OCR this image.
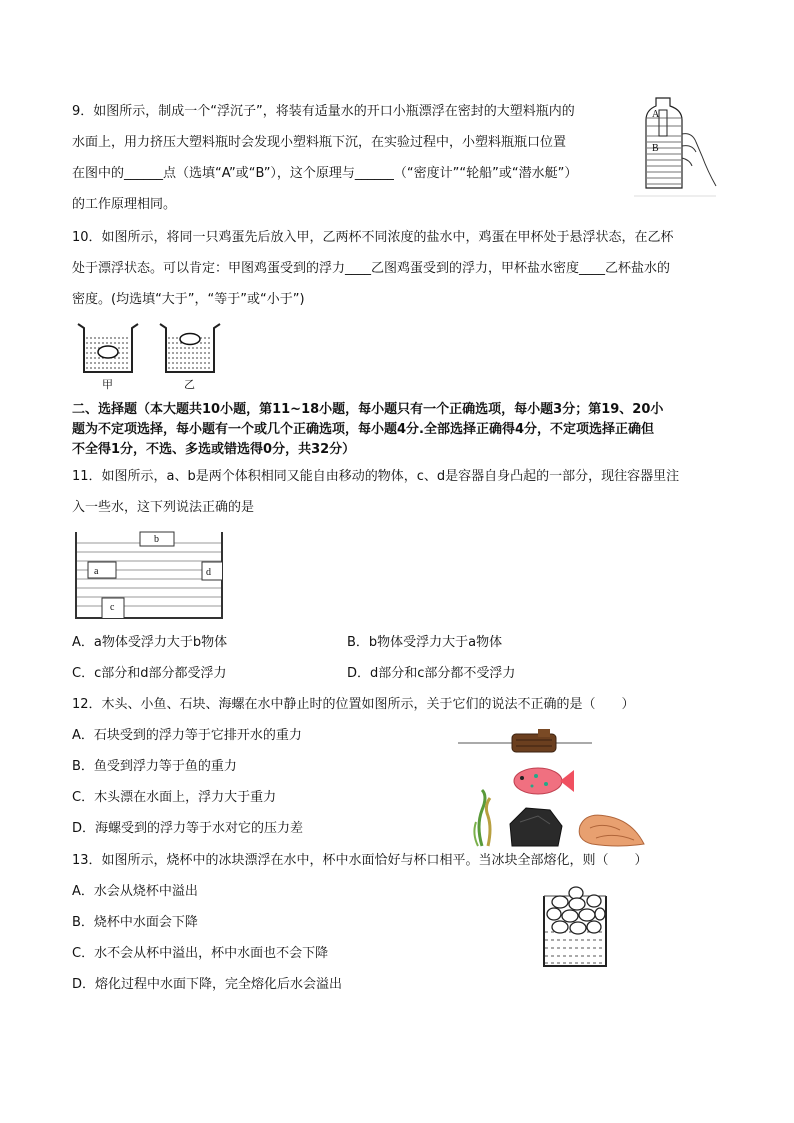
9．如图所示，制成一个“浮沉子”，将装有适量水的开口小瓶漂浮在密封的大塑料瓶内的
水面上，用力挤压大塑料瓶时会发现小塑料瓶下沉，在实验过程中，小塑料瓶瓶口位置
在图中的______点（选填“A”或“B”），这个原理与______（“密度计”“轮船”或“潜水艇”）
的工作原理相同。
A
B
10．如图所示，将同一只鸡蛋先后放入甲，乙两杯不同浓度的盐水中，鸡蛋在甲杯处于悬浮状态，在乙杯
处于漂浮状态。可以肯定：甲图鸡蛋受到的浮力____乙图鸡蛋受到的浮力，甲杯盐水密度____乙杯盐水的
密度。(均选填“大于”，“等于”或“小于”)
甲	乙
二、选择题（本大题共10小题，第11~18小题，每小题只有一个正确选项，每小题3分；第19、20小
题为不定项选择，每小题有一个或几个正确选项，每小题4分.全部选择正确得4分，不定项选择正确但
不全得1分，不选、多选或错选得0分，共32分）
11．如图所示，a、b是两个体积相同又能自由移动的物体，c、d是容器自身凸起的一部分，现往容器里注
入一些水，这下列说法正确的是
b
a	d
c
A．a物体受浮力大于b物体	B．b物体受浮力大于a物体
C．c部分和d部分都受浮力	D．d部分和c部分都不受浮力
12．木头、小鱼、石块、海螺在水中静止时的位置如图所示，关于它们的说法不正确的是（　　）
A．石块受到的浮力等于它排开水的重力
B．鱼受到浮力等于鱼的重力
C．木头漂在水面上，浮力大于重力
D．海螺受到的浮力等于水对它的压力差
13．如图所示，烧杯中的冰块漂浮在水中，杯中水面恰好与杯口相平。当冰块全部熔化，则（　　）
A．水会从烧杯中溢出
B．烧杯中水面会下降
C．水不会从杯中溢出，杯中水面也不会下降
D．熔化过程中水面下降，完全熔化后水会溢出
